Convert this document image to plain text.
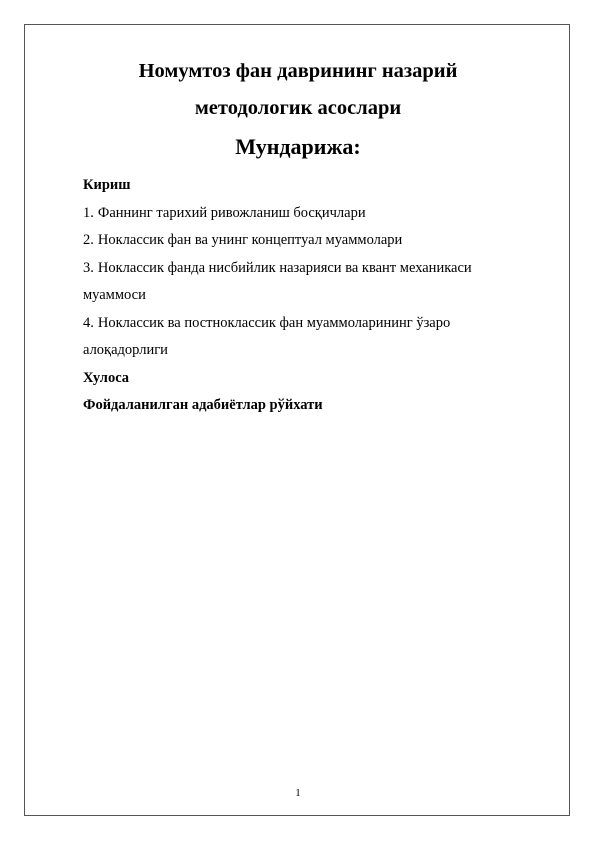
Номумтоз фан даврининг назарий
методологик асослари
Мундарижа:

Кириш

1. Фаннинг тарихий ривожланиш босқичлари

2. Ноклассик фан ва унинг концептуал муаммолари

3. Ноклассик фанда нисбийлик назарияси ва квант механикаси

муаммоси

4. Ноклассик ва постноклассик фан муаммоларининг ўзаро

алоқадорлиги

Хулоса

Фойдаланилган адабиётлар рўйхати

1
